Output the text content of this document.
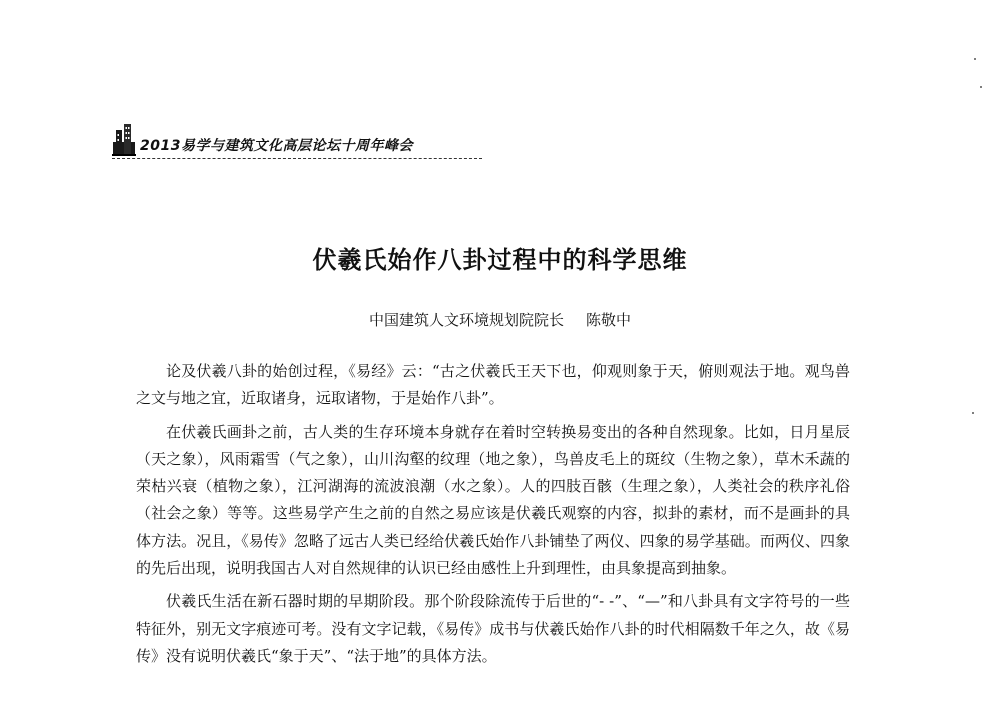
2013易学与建筑文化高层论坛十周年峰会
伏羲氏始作八卦过程中的科学思维
中国建筑人文环境规划院院长 陈敬中

论及伏羲八卦的始创过程，《易经》云：“古之伏羲氏王天下也，仰观则象于天，俯则观法于地。观鸟兽之文与地之宜，近取诸身，远取诸物，于是始作八卦”。

在伏羲氏画卦之前，古人类的生存环境本身就存在着时空转换易变出的各种自然现象。比如，日月星辰（天之象），风雨霜雪（气之象），山川沟壑的纹理（地之象），鸟兽皮毛上的斑纹（生物之象），草木禾蔬的荣枯兴衰（植物之象），江河湖海的流波浪潮（水之象）。人的四肢百骸（生理之象），人类社会的秩序礼俗（社会之象）等等。这些易学产生之前的自然之易应该是伏羲氏观察的内容，拟卦的素材，而不是画卦的具体方法。况且，《易传》忽略了远古人类已经给伏羲氏始作八卦铺垫了两仪、四象的易学基础。而两仪、四象的先后出现，说明我国古人对自然规律的认识已经由感性上升到理性，由具象提高到抽象。

伏羲氏生活在新石器时期的早期阶段。那个阶段除流传于后世的“- -”、“—”和八卦具有文字符号的一些特征外，别无文字痕迹可考。没有文字记载，《易传》成书与伏羲氏始作八卦的时代相隔数千年之久，故《易传》没有说明伏羲氏“象于天”、“法于地”的具体方法。
